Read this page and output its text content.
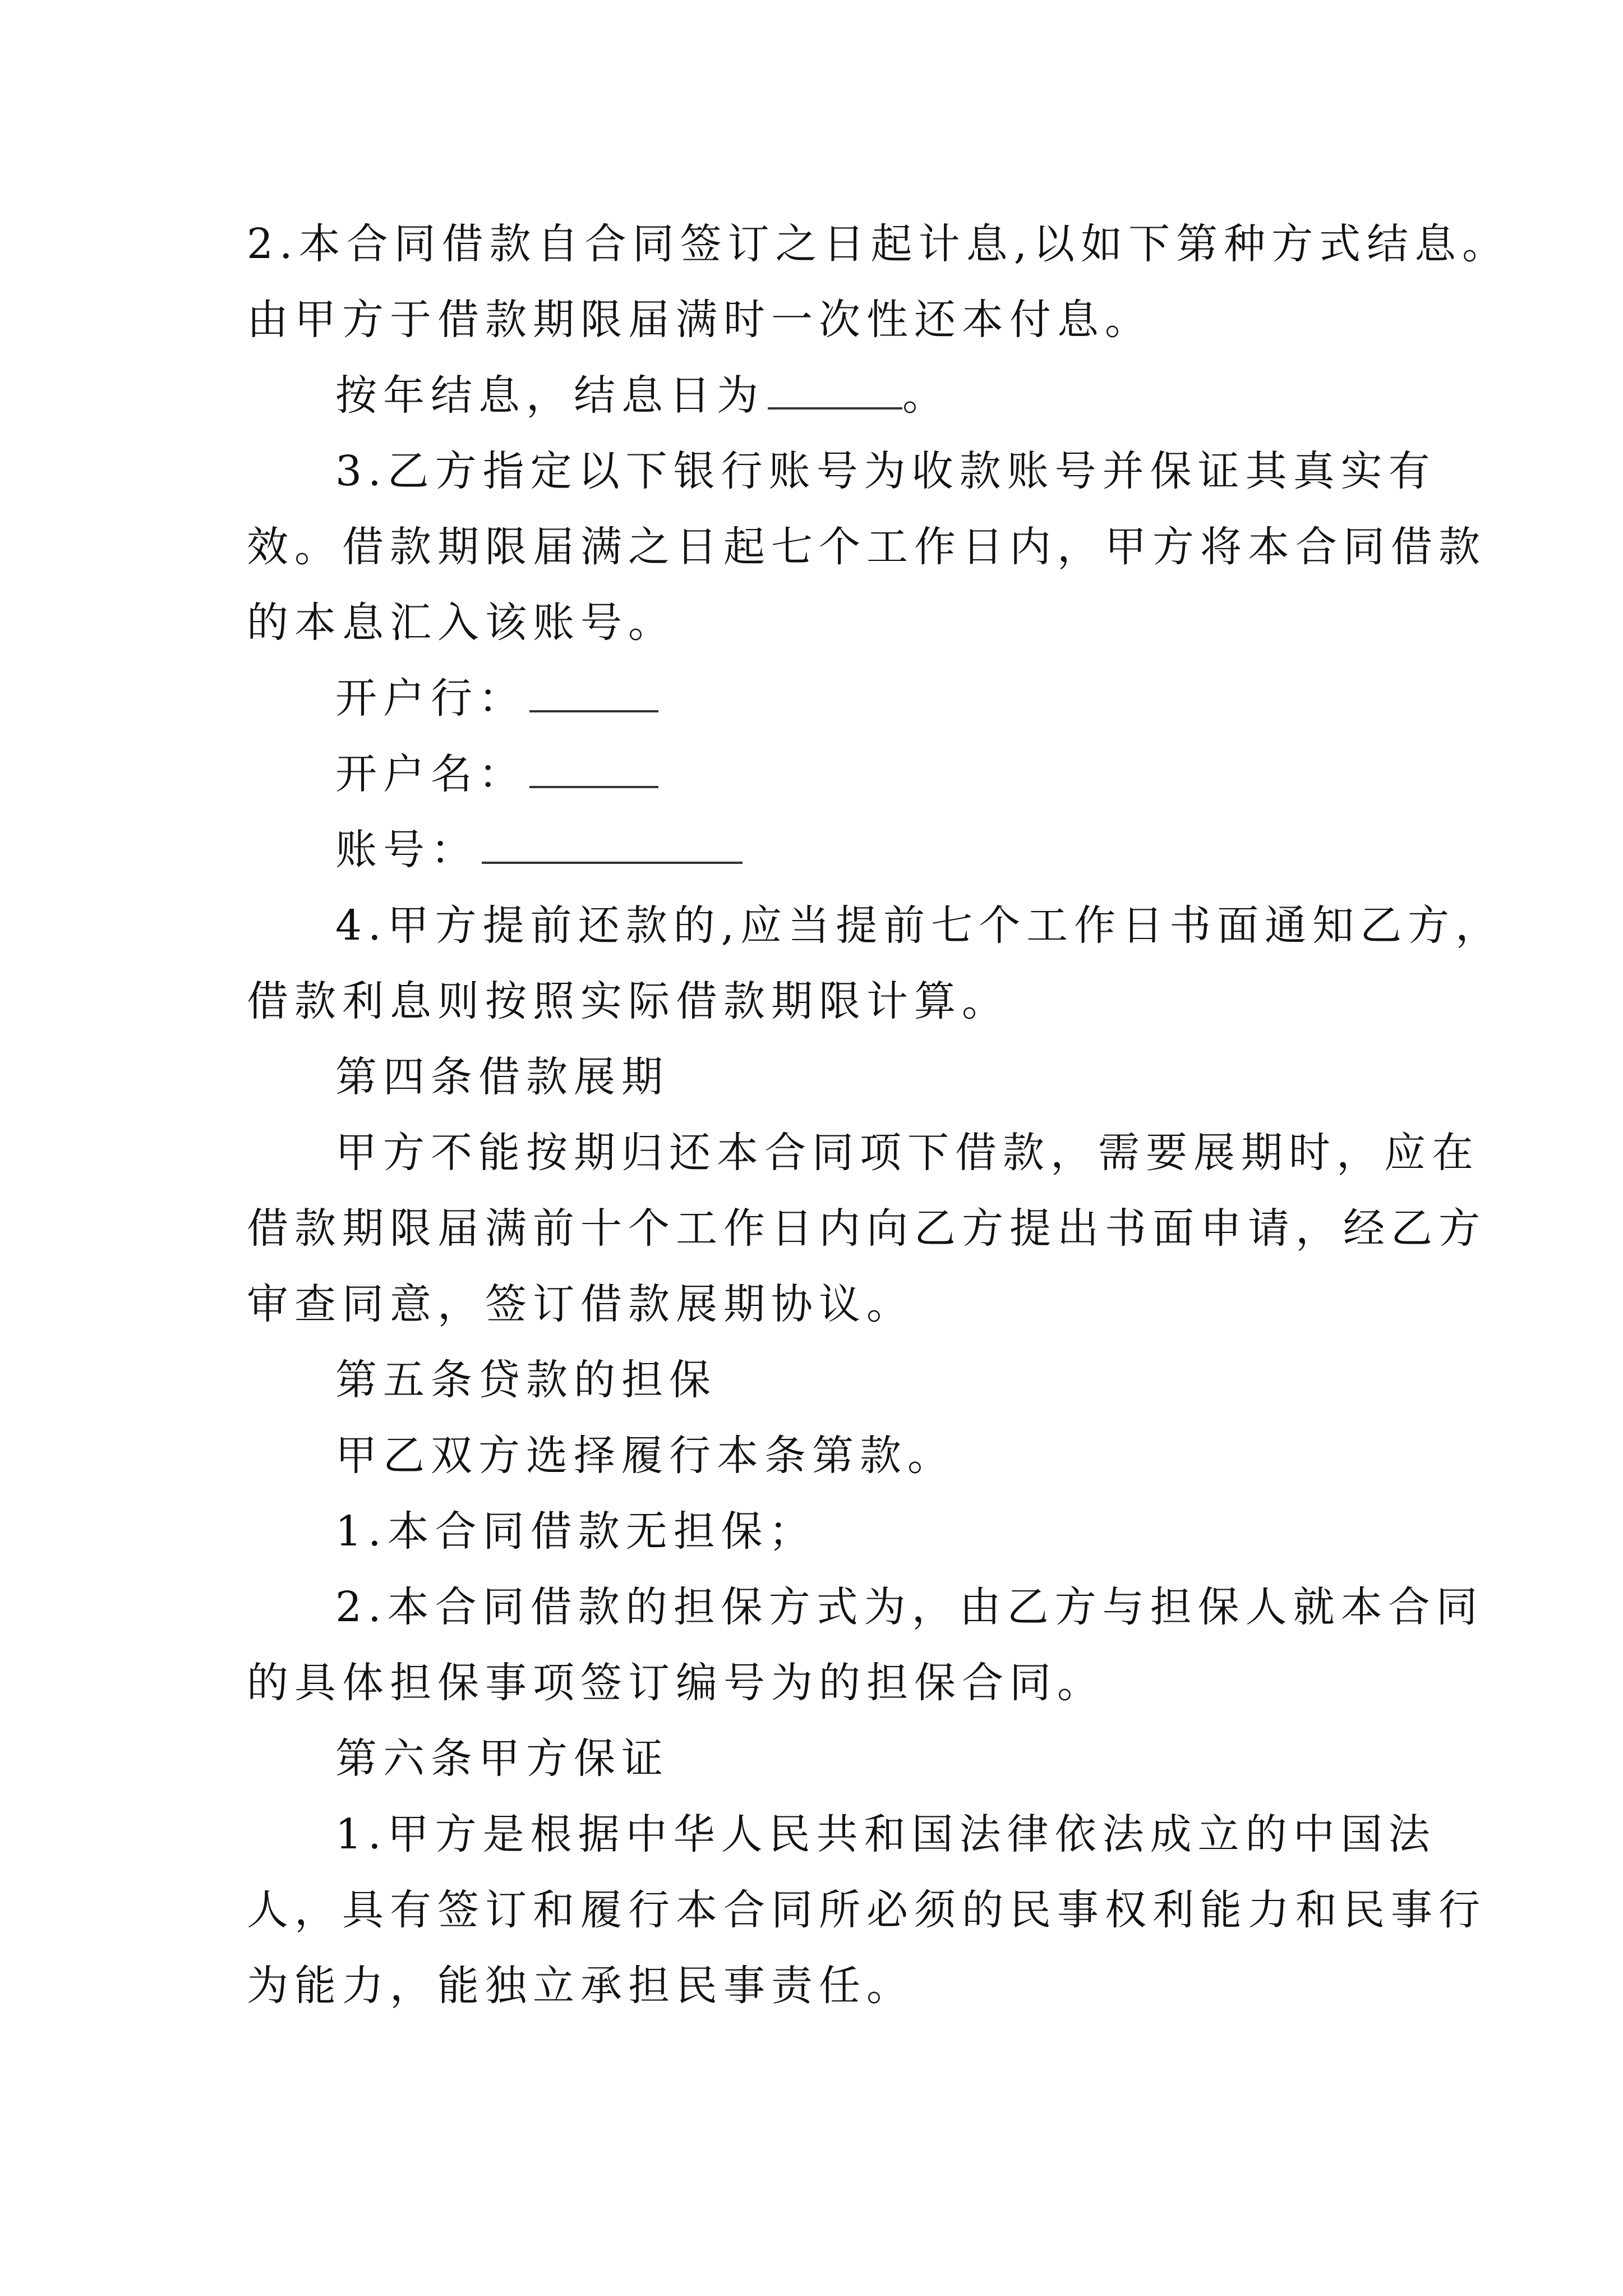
2.本合同借款自合同签订之日起计息,以如下第种方式结息。
由甲方于借款期限届满时一次性还本付息。
按年结息，结息日为	。
3.乙方指定以下银行账号为收款账号并保证其真实有
效。借款期限届满之日起七个工作日内，甲方将本合同借款
的本息汇入该账号。
开户行：
开户名：
账号：
4.甲方提前还款的,应当提前七个工作日书面通知乙方，
借款利息则按照实际借款期限计算。
第四条借款展期
甲方不能按期归还本合同项下借款，需要展期时，应在
借款期限届满前十个工作日内向乙方提出书面申请，经乙方
审查同意，签订借款展期协议。
第五条贷款的担保
甲乙双方选择履行本条第款。
1.本合同借款无担保；
2.本合同借款的担保方式为，由乙方与担保人就本合同
的具体担保事项签订编号为的担保合同。
第六条甲方保证
1.甲方是根据中华人民共和国法律依法成立的中国法
人，具有签订和履行本合同所必须的民事权利能力和民事行
为能力，能独立承担民事责任。
